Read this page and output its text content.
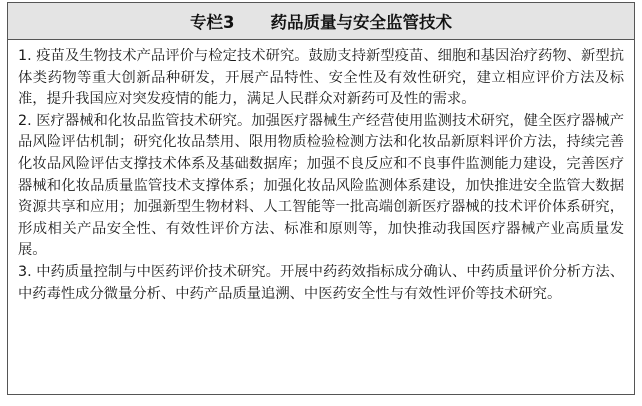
专栏3 药品质量与安全监管技术

1. 疫苗及生物技术产品评价与检定技术研究。鼓励支持新型疫苗、细胞和基因治疗药物、新型抗体类药物等重大创新品种研发，开展产品特性、安全性及有效性研究，建立相应评价方法及标准，提升我国应对突发疫情的能力，满足人民群众对新药可及性的需求。

2. 医疗器械和化妆品监管技术研究。加强医疗器械生产经营使用监测技术研究，健全医疗器械产品风险评估机制；研究化妆品禁用、限用物质检验检测方法和化妆品新原料评价方法，持续完善化妆品风险评估支撑技术体系及基础数据库；加强不良反应和不良事件监测能力建设，完善医疗器械和化妆品质量监管技术支撑体系；加强化妆品风险监测体系建设，加快推进安全监管大数据资源共享和应用；加强新型生物材料、人工智能等一批高端创新医疗器械的技术评价体系研究，形成相关产品安全性、有效性评价方法、标准和原则等，加快推动我国医疗器械产业高质量发展。

3. 中药质量控制与中医药评价技术研究。开展中药药效指标成分确认、中药质量评价分析方法、中药毒性成分微量分析、中药产品质量追溯、中医药安全性与有效性评价等技术研究。
